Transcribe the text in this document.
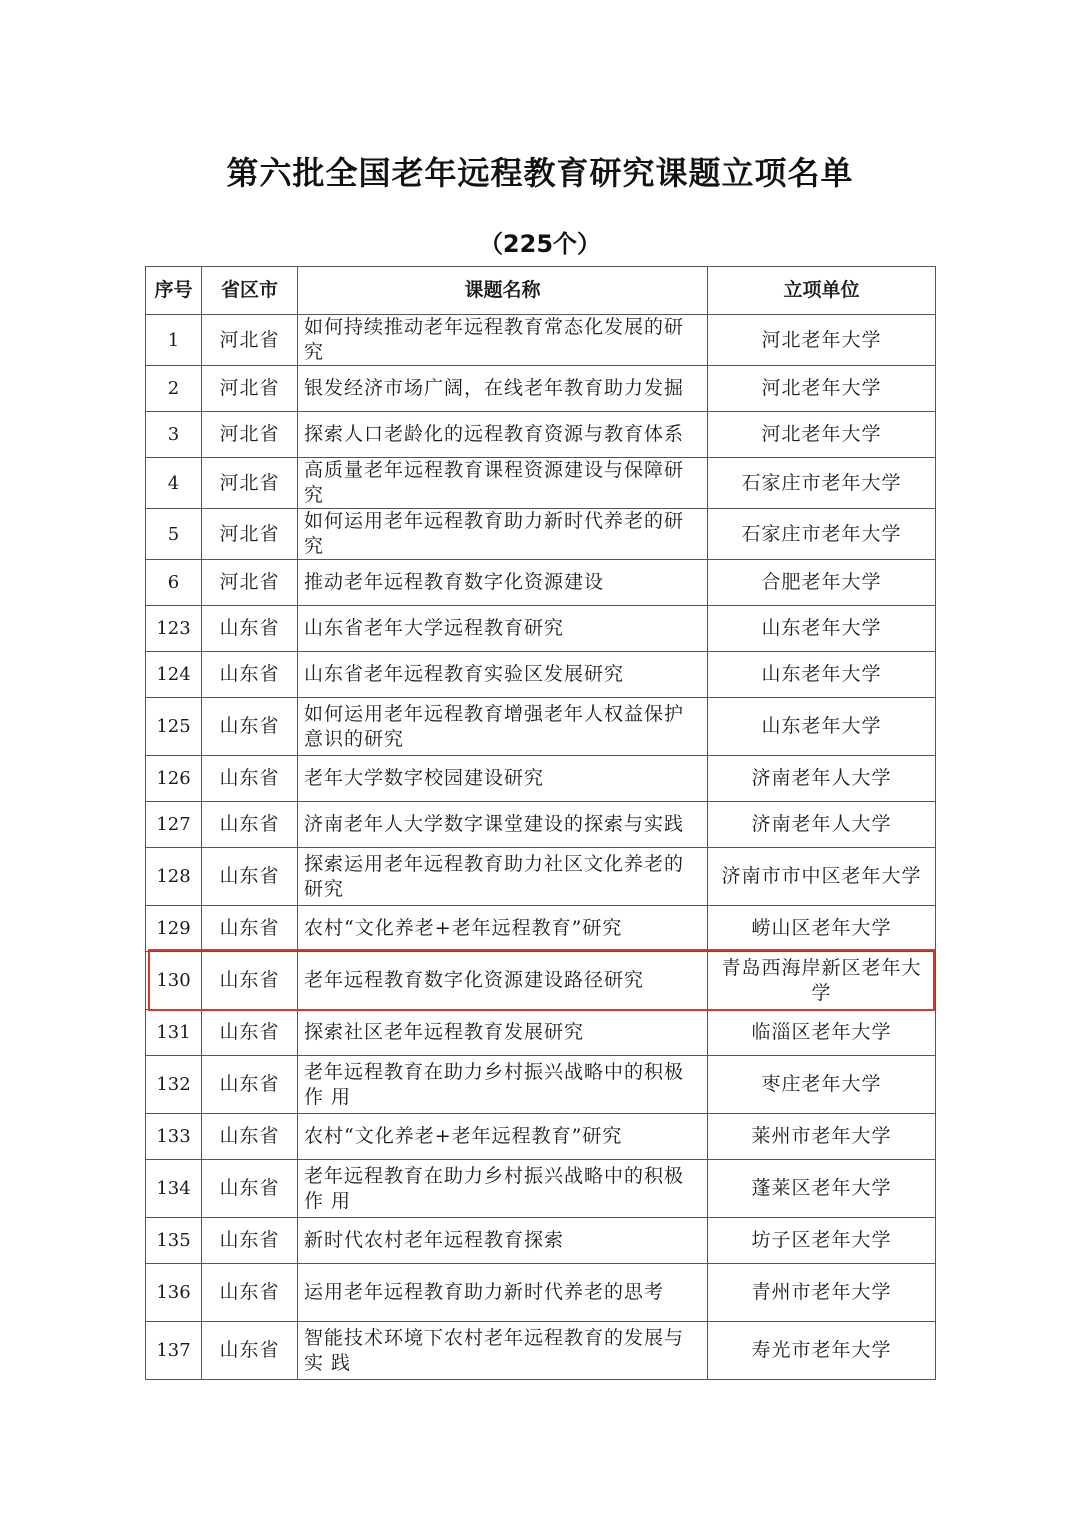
第六批全国老年远程教育研究课题立项名单
（225个）
序号	省区市	课题名称	立项单位
1	河北省	如何持续推动老年远程教育常态化发展的研究	河北老年大学
2	河北省	银发经济市场广阔，在线老年教育助力发掘	河北老年大学
3	河北省	探索人口老龄化的远程教育资源与教育体系	河北老年大学
4	河北省	高质量老年远程教育课程资源建设与保障研究	石家庄市老年大学
5	河北省	如何运用老年远程教育助力新时代养老的研究	石家庄市老年大学
6	河北省	推动老年远程教育数字化资源建设	合肥老年大学
123	山东省	山东省老年大学远程教育研究	山东老年大学
124	山东省	山东省老年远程教育实验区发展研究	山东老年大学
125	山东省	如何运用老年远程教育增强老年人权益保护意识的研究	山东老年大学
126	山东省	老年大学数字校园建设研究	济南老年人大学
127	山东省	济南老年人大学数字课堂建设的探索与实践	济南老年人大学
128	山东省	探索运用老年远程教育助力社区文化养老的研究	济南市市中区老年大学
129	山东省	农村“文化养老+老年远程教育”研究	崂山区老年大学
130	山东省	老年远程教育数字化资源建设路径研究	青岛西海岸新区老年大学
131	山东省	探索社区老年远程教育发展研究	临淄区老年大学
132	山东省	老年远程教育在助力乡村振兴战略中的积极作 用	枣庄老年大学
133	山东省	农村“文化养老+老年远程教育”研究	莱州市老年大学
134	山东省	老年远程教育在助力乡村振兴战略中的积极作 用	蓬莱区老年大学
135	山东省	新时代农村老年远程教育探索	坊子区老年大学
136	山东省	运用老年远程教育助力新时代养老的思考	青州市老年大学
137	山东省	智能技术环境下农村老年远程教育的发展与实 践	寿光市老年大学
